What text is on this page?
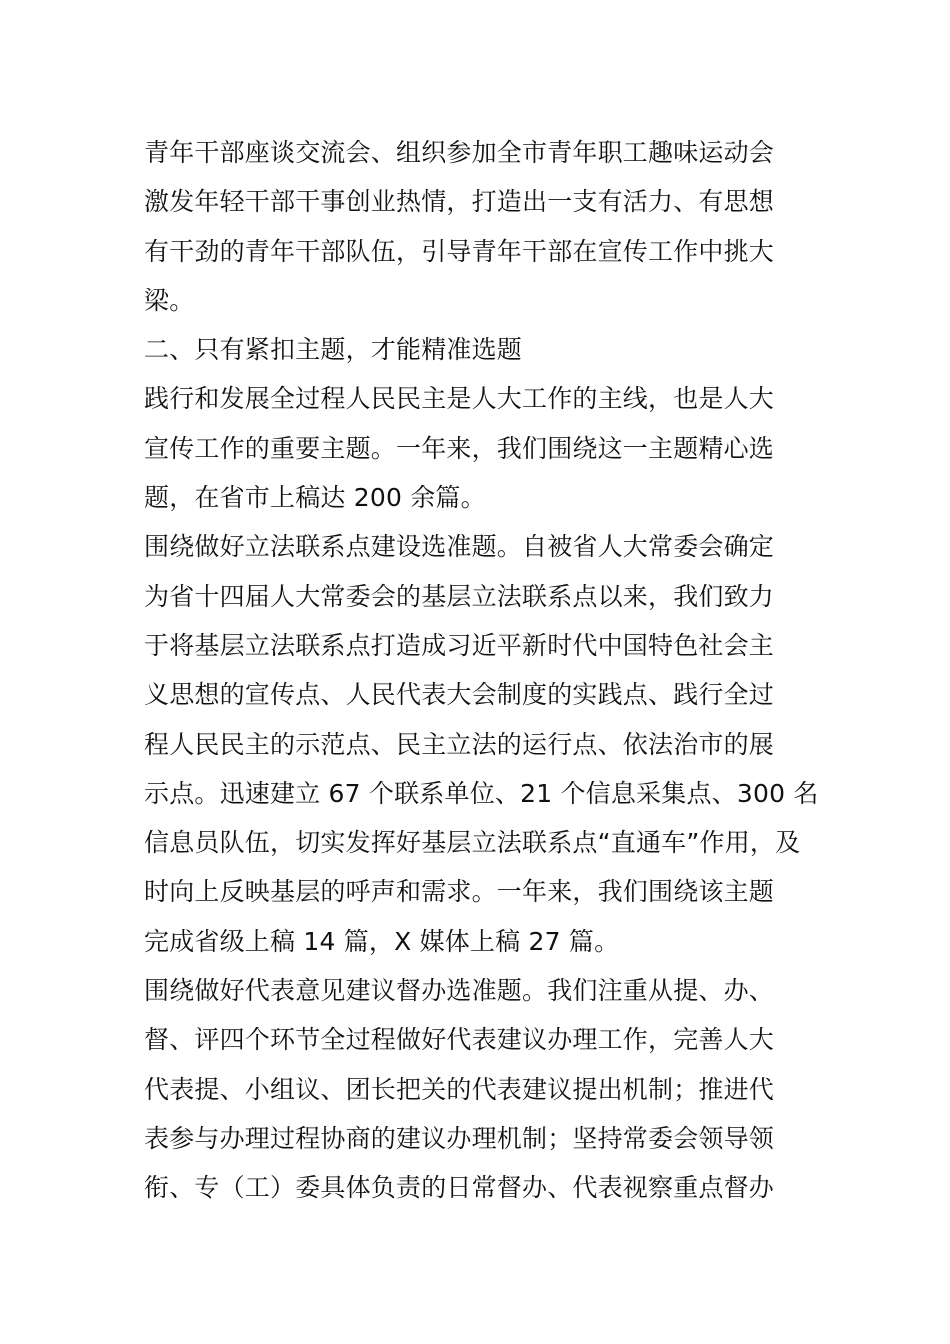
青年干部座谈交流会、组织参加全市青年职工趣味运动会
激发年轻干部干事创业热情，打造出一支有活力、有思想
有干劲的青年干部队伍，引导青年干部在宣传工作中挑大
梁。
二、只有紧扣主题，才能精准选题
践行和发展全过程人民民主是人大工作的主线，也是人大
宣传工作的重要主题。一年来，我们围绕这一主题精心选
题，在省市上稿达 200 余篇。
围绕做好立法联系点建设选准题。自被省人大常委会确定
为省十四届人大常委会的基层立法联系点以来，我们致力
于将基层立法联系点打造成习近平新时代中国特色社会主
义思想的宣传点、人民代表大会制度的实践点、践行全过
程人民民主的示范点、民主立法的运行点、依法治市的展
示点。迅速建立 67 个联系单位、21 个信息采集点、300 名
信息员队伍，切实发挥好基层立法联系点“直通车”作用，及
时向上反映基层的呼声和需求。一年来，我们围绕该主题
完成省级上稿 14 篇，X 媒体上稿 27 篇。
围绕做好代表意见建议督办选准题。我们注重从提、办、
督、评四个环节全过程做好代表建议办理工作，完善人大
代表提、小组议、团长把关的代表建议提出机制；推进代
表参与办理过程协商的建议办理机制；坚持常委会领导领
衔、专（工）委具体负责的日常督办、代表视察重点督办
